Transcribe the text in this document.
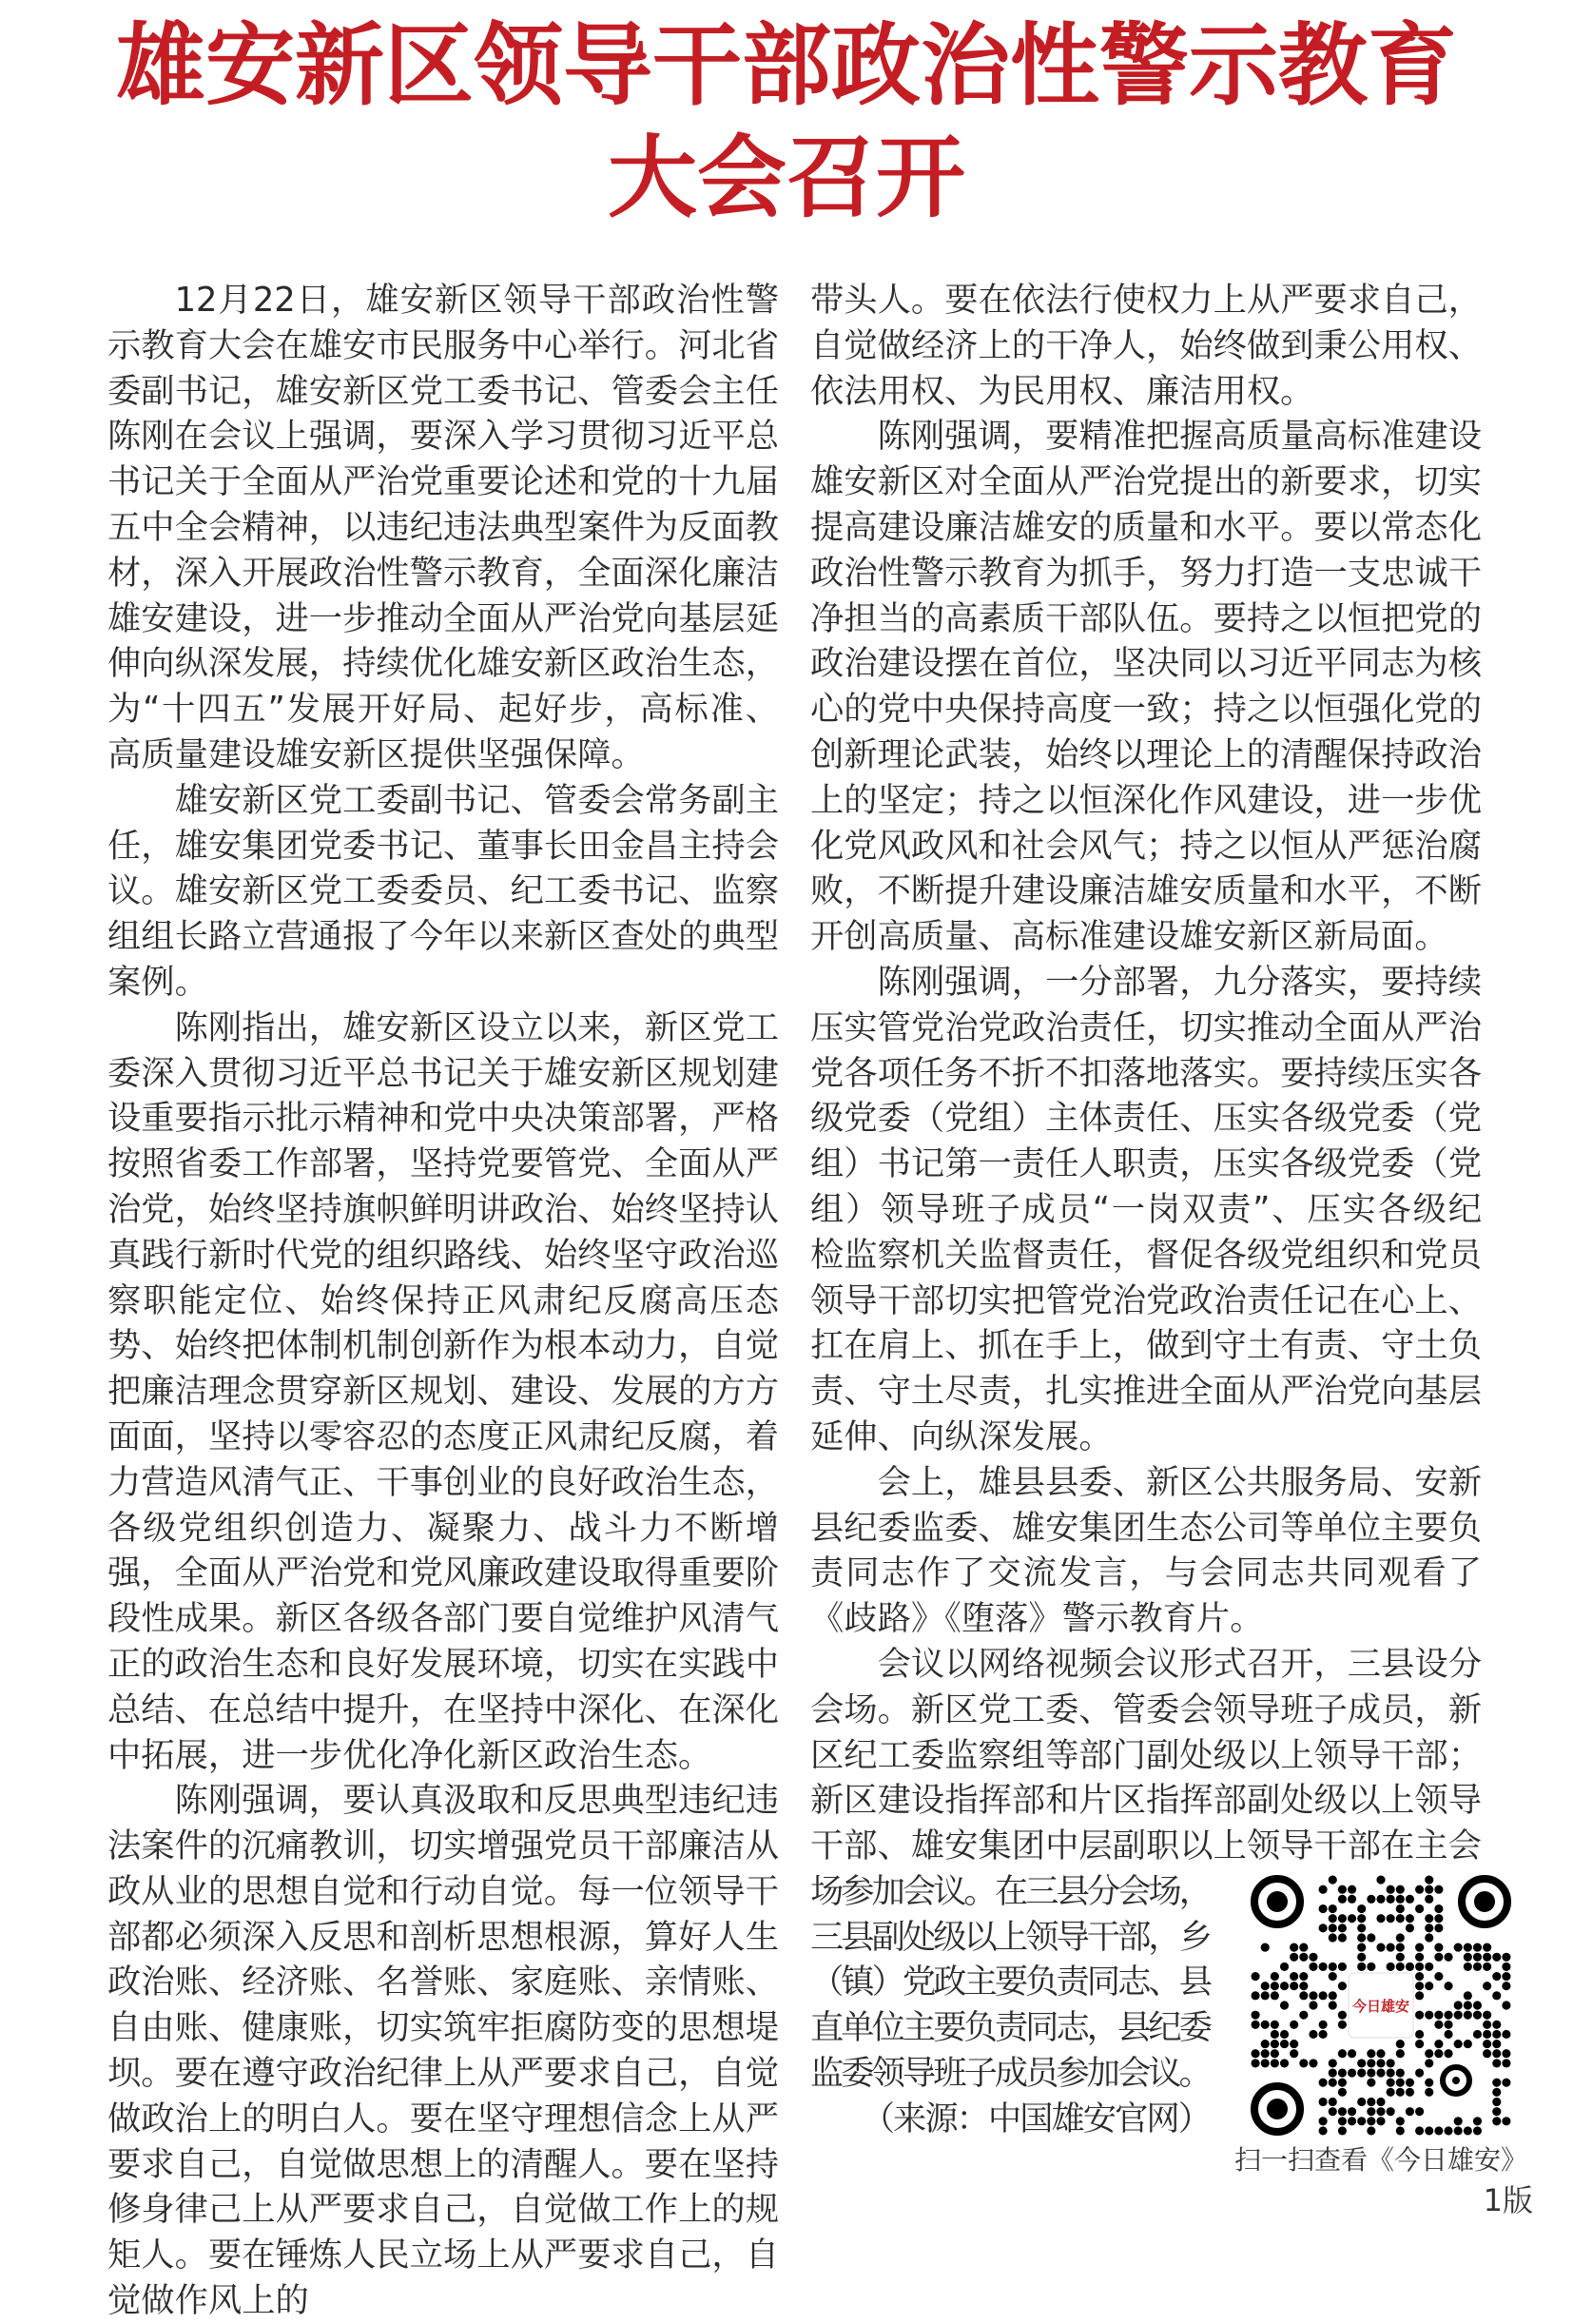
雄安新区领导干部政治性警示教育
大会召开

12月22日，雄安新区领导干部政治性警示教育大会在雄安市民服务中心举行。河北省委副书记，雄安新区党工委书记、管委会主任陈刚在会议上强调，要深入学习贯彻习近平总书记关于全面从严治党重要论述和党的十九届五中全会精神，以违纪违法典型案件为反面教材，深入开展政治性警示教育，全面深化廉洁雄安建设，进一步推动全面从严治党向基层延伸向纵深发展，持续优化雄安新区政治生态，为“十四五”发展开好局、起好步，高标准、高质量建设雄安新区提供坚强保障。

雄安新区党工委副书记、管委会常务副主任，雄安集团党委书记、董事长田金昌主持会议。雄安新区党工委委员、纪工委书记、监察组组长路立营通报了今年以来新区查处的典型案例。

陈刚指出，雄安新区设立以来，新区党工委深入贯彻习近平总书记关于雄安新区规划建设重要指示批示精神和党中央决策部署，严格按照省委工作部署，坚持党要管党、全面从严治党，始终坚持旗帜鲜明讲政治、始终坚持认真践行新时代党的组织路线、始终坚守政治巡察职能定位、始终保持正风肃纪反腐高压态势、始终把体制机制创新作为根本动力，自觉把廉洁理念贯穿新区规划、建设、发展的方方面面，坚持以零容忍的态度正风肃纪反腐，着力营造风清气正、干事创业的良好政治生态，各级党组织创造力、凝聚力、战斗力不断增强，全面从严治党和党风廉政建设取得重要阶段性成果。新区各级各部门要自觉维护风清气正的政治生态和良好发展环境，切实在实践中总结、在总结中提升，在坚持中深化、在深化中拓展，进一步优化净化新区政治生态。

陈刚强调，要认真汲取和反思典型违纪违法案件的沉痛教训，切实增强党员干部廉洁从政从业的思想自觉和行动自觉。每一位领导干部都必须深入反思和剖析思想根源，算好人生政治账、经济账、名誉账、家庭账、亲情账、自由账、健康账，切实筑牢拒腐防变的思想堤坝。要在遵守政治纪律上从严要求自己，自觉做政治上的明白人。要在坚守理想信念上从严要求自己，自觉做思想上的清醒人。要在坚持修身律己上从严要求自己，自觉做工作上的规矩人。要在锤炼人民立场上从严要求自己，自觉做作风上的

带头人。要在依法行使权力上从严要求自己，自觉做经济上的干净人，始终做到秉公用权、依法用权、为民用权、廉洁用权。

陈刚强调，要精准把握高质量高标准建设雄安新区对全面从严治党提出的新要求，切实提高建设廉洁雄安的质量和水平。要以常态化政治性警示教育为抓手，努力打造一支忠诚干净担当的高素质干部队伍。要持之以恒把党的政治建设摆在首位，坚决同以习近平同志为核心的党中央保持高度一致；持之以恒强化党的创新理论武装，始终以理论上的清醒保持政治上的坚定；持之以恒深化作风建设，进一步优化党风政风和社会风气；持之以恒从严惩治腐败，不断提升建设廉洁雄安质量和水平，不断开创高质量、高标准建设雄安新区新局面。

陈刚强调，一分部署，九分落实，要持续压实管党治党政治责任，切实推动全面从严治党各项任务不折不扣落地落实。要持续压实各级党委（党组）主体责任、压实各级党委（党组）书记第一责任人职责，压实各级党委（党组）领导班子成员“一岗双责”、压实各级纪检监察机关监督责任，督促各级党组织和党员领导干部切实把管党治党政治责任记在心上、扛在肩上、抓在手上，做到守土有责、守土负责、守土尽责，扎实推进全面从严治党向基层延伸、向纵深发展。

会上，雄县县委、新区公共服务局、安新县纪委监委、雄安集团生态公司等单位主要负责同志作了交流发言，与会同志共同观看了《歧路》《堕落》警示教育片。

会议以网络视频会议形式召开，三县设分会场。新区党工委、管委会领导班子成员，新区纪工委监察组等部门副处级以上领导干部；新区建设指挥部和片区指挥部副处级以上领导干部、雄安集团中层副职以上领导干部在主会

场参加会议。在三县分会场，三县副处级以上领导干部，乡（镇）党政主要负责同志、县直单位主要负责同志，县纪委监委领导班子成员参加会议。

（来源：中国雄安官网）
今日雄安
扫一扫查看《今日雄安》
1版
